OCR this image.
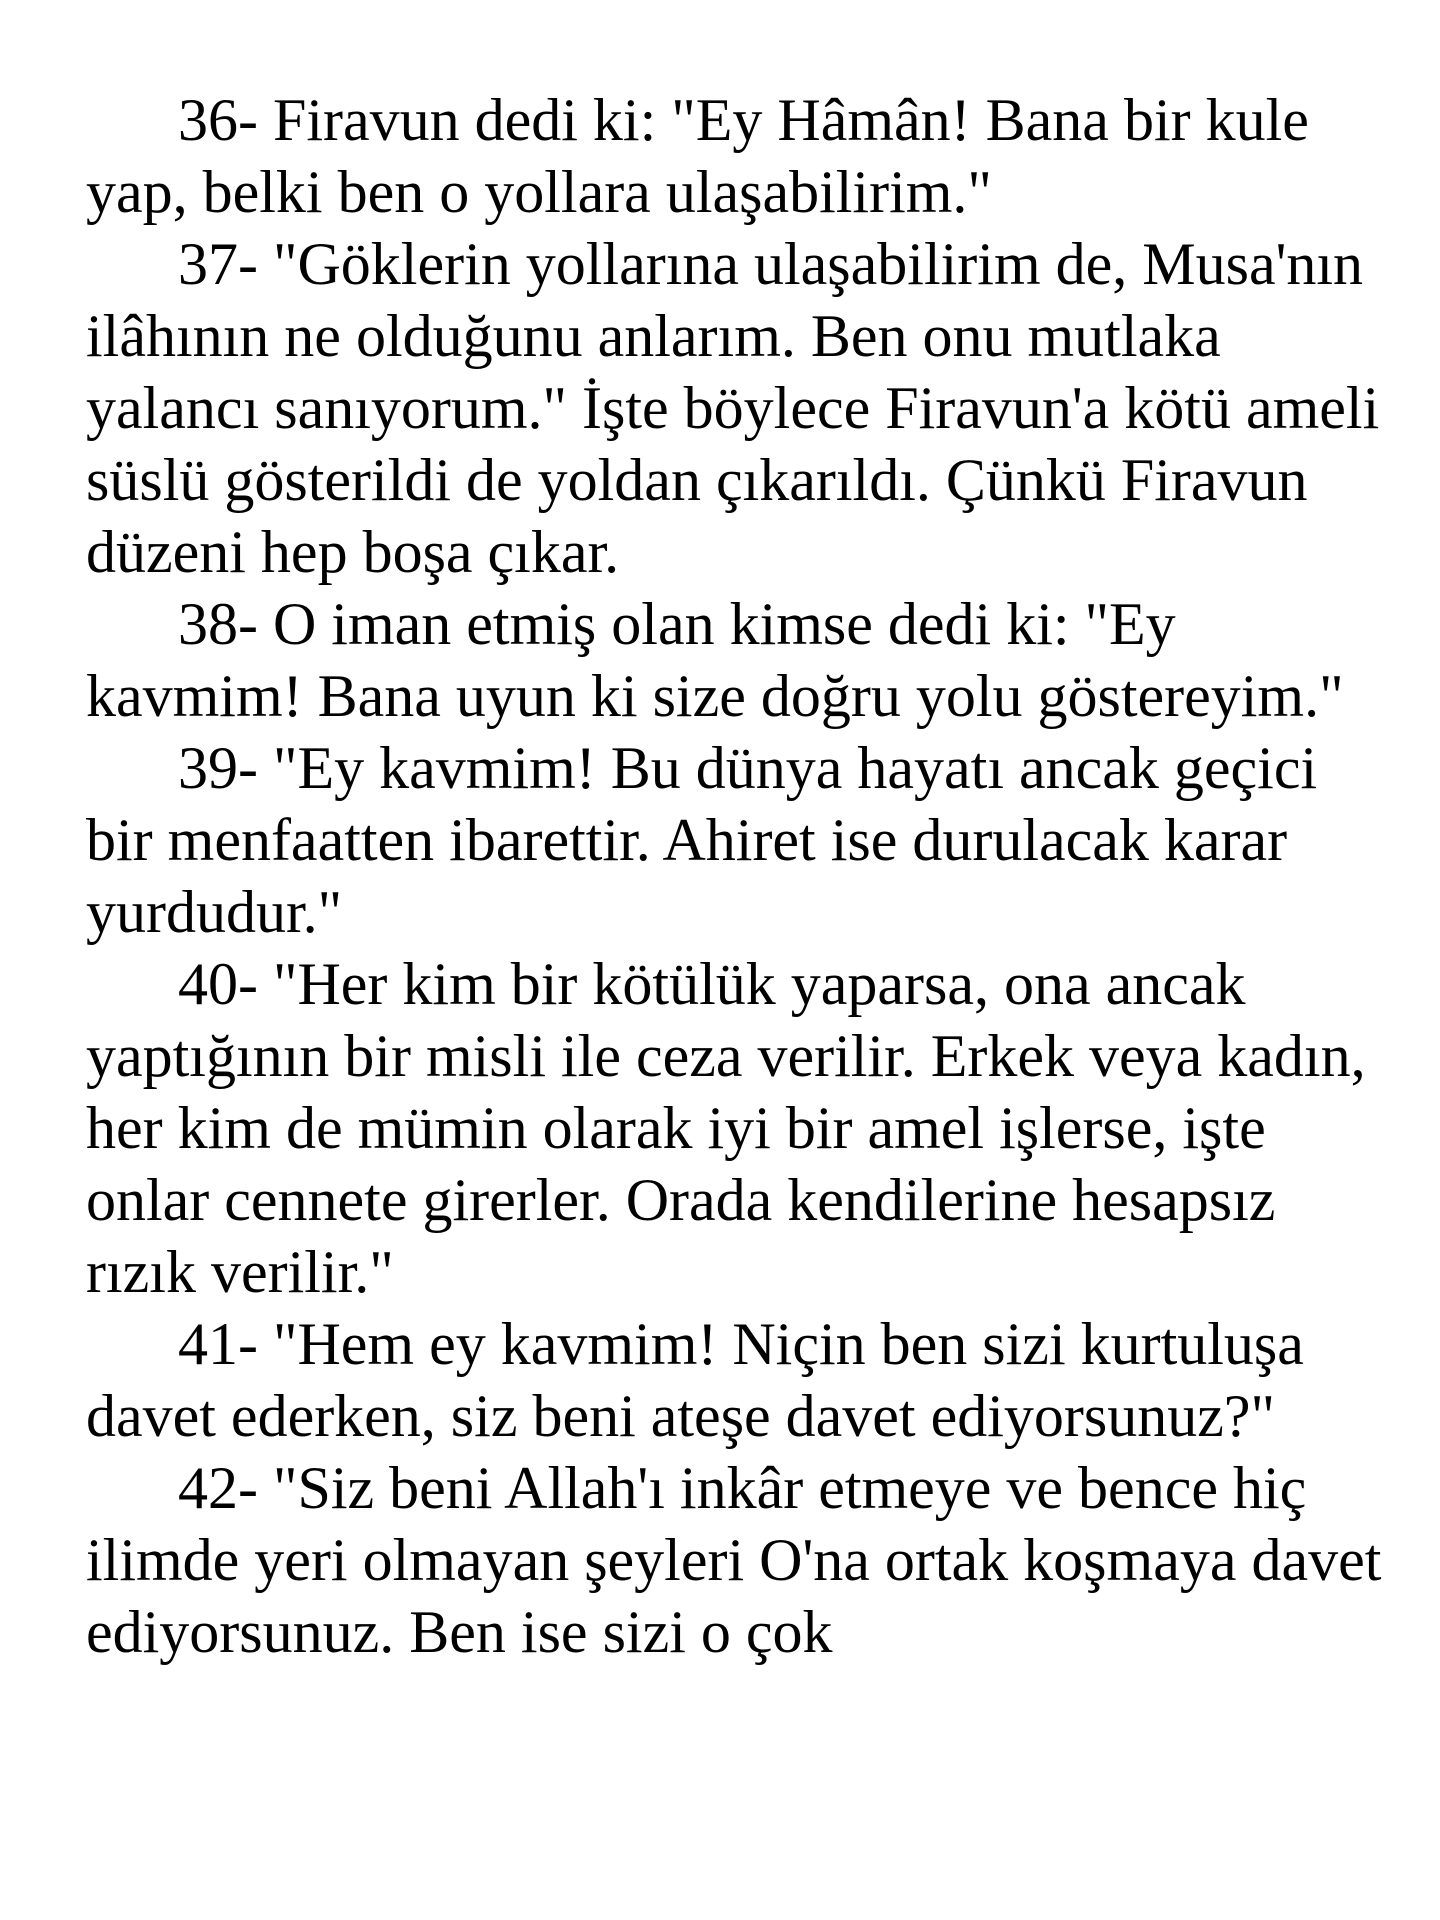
36- Firavun dedi ki: "Ey Hâmân! Bana bir kule yap, belki ben o yollara ulaşabilirim."

37- "Göklerin yollarına ulaşabilirim de, Musa'nın ilâhının ne olduğunu anlarım. Ben onu mutlaka yalancı sanıyorum." İşte böylece Firavun'a kötü ameli süslü gösterildi de yoldan çıkarıldı. Çünkü Firavun düzeni hep boşa çıkar.

38- O iman etmiş olan kimse dedi ki: "Ey kavmim! Bana uyun ki size doğru yolu göstereyim."

39- "Ey kavmim! Bu dünya hayatı ancak geçici bir menfaatten ibarettir. Ahiret ise durulacak karar yurdudur."

40- "Her kim bir kötülük yaparsa, ona ancak yaptığının bir misli ile ceza verilir. Erkek veya kadın, her kim de mümin olarak iyi bir amel işlerse, işte onlar cennete girerler. Orada kendilerine hesapsız rızık verilir."

41- "Hem ey kavmim! Niçin ben sizi kurtuluşa davet ederken, siz beni ateşe davet ediyorsunuz?"

42- "Siz beni Allah'ı inkâr etmeye ve bence hiç ilimde yeri olmayan şeyleri O'na ortak koşmaya davet ediyorsunuz. Ben ise sizi o çok
